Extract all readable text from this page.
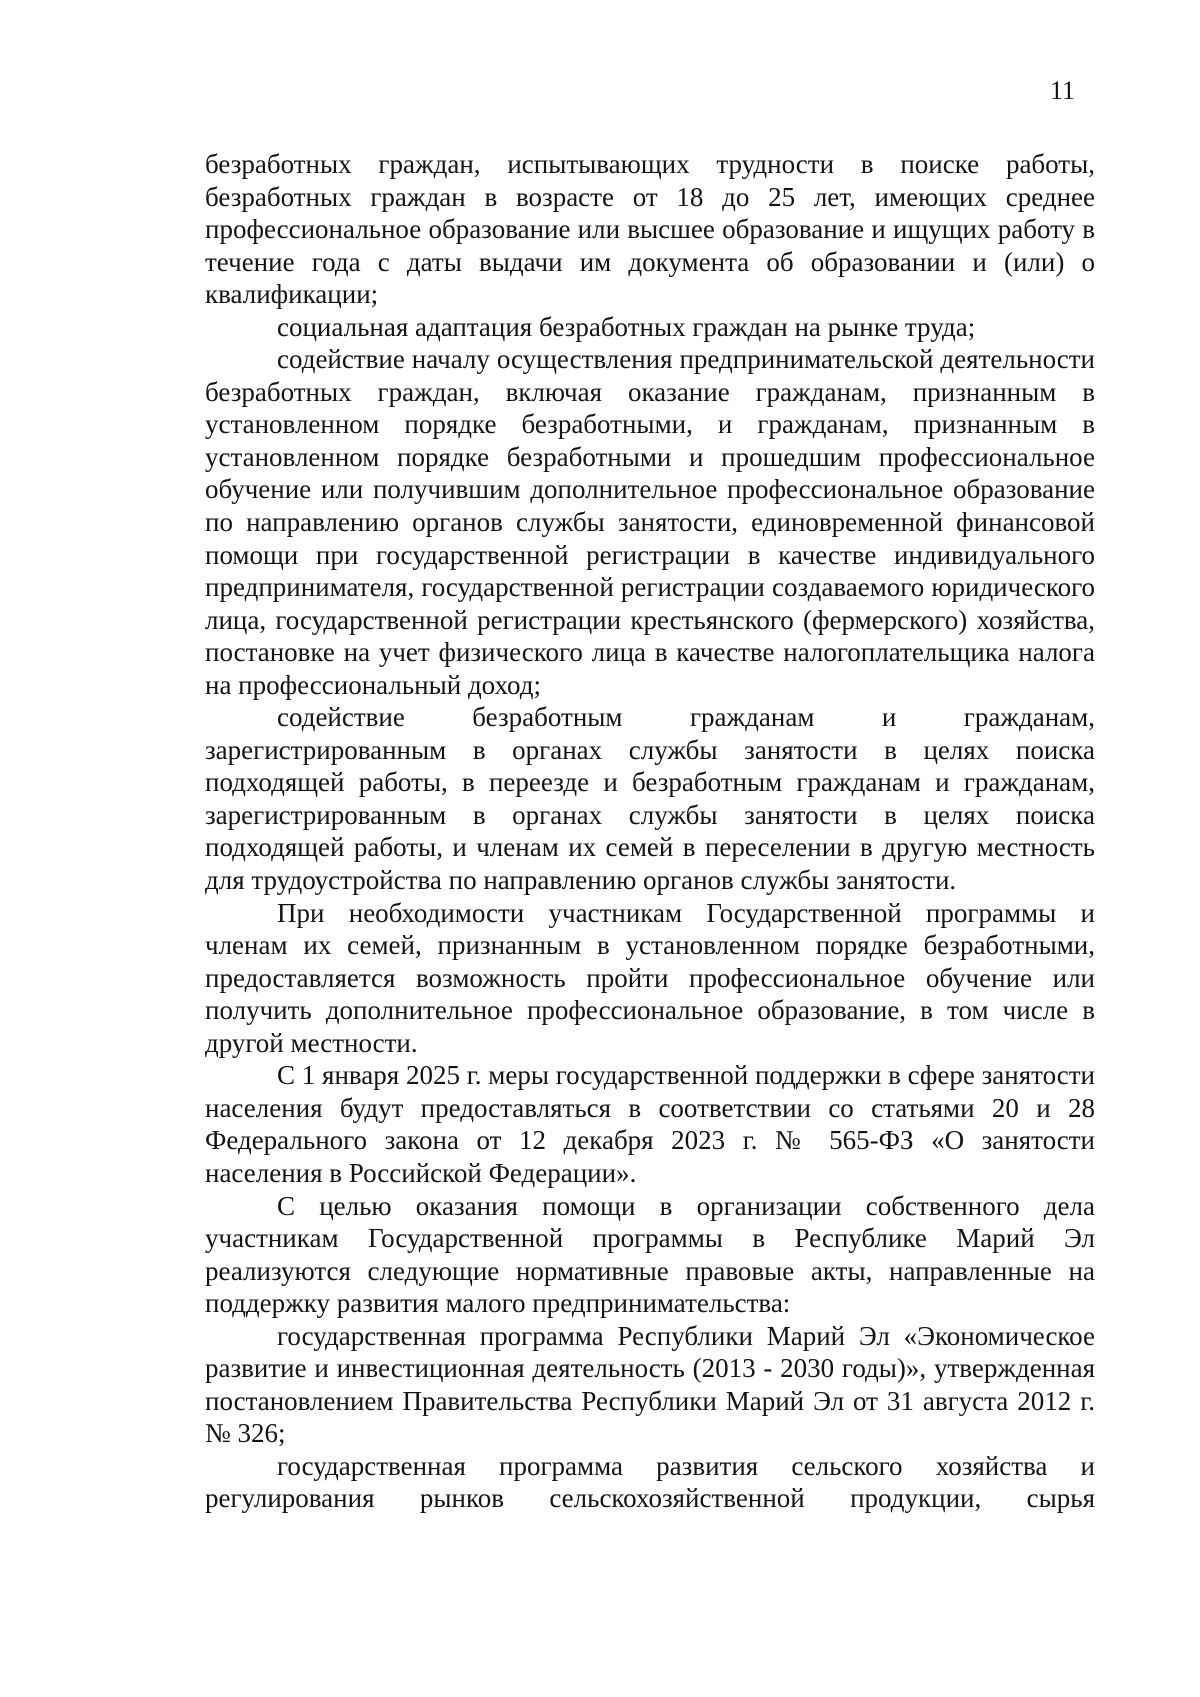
11

безработных граждан, испытывающих трудности в поиске работы, безработных граждан в возрасте от 18 до 25 лет, имеющих среднее профессиональное образование или высшее образование и ищущих работу в течение года с даты выдачи им документа об образовании и (или) о квалификации;

социальная адаптация безработных граждан на рынке труда;

содействие началу осуществления предпринимательской деятельности безработных граждан, включая оказание гражданам, признанным в установленном порядке безработными, и гражданам, признанным в установленном порядке безработными и прошедшим профессиональное обучение или получившим дополнительное профессиональное образование по направлению органов службы занятости, единовременной финансовой помощи при государственной регистрации в качестве индивидуального предпринимателя, государственной регистрации создаваемого юридического лица, государственной регистрации крестьянского (фермерского) хозяйства, постановке на учет физического лица в качестве налогоплательщика налога на профессиональный доход;

содействие безработным гражданам и гражданам, зарегистрированным в органах службы занятости в целях поиска подходящей работы, в переезде и безработным гражданам и гражданам, зарегистрированным в органах службы занятости в целях поиска подходящей работы, и членам их семей в переселении в другую местность для трудоустройства по направлению органов службы занятости.

При необходимости участникам Государственной программы и членам их семей, признанным в установленном порядке безработными, предоставляется возможность пройти профессиональное обучение или получить дополнительное профессиональное образование, в том числе в другой местности.

С 1 января 2025 г. меры государственной поддержки в сфере занятости населения будут предоставляться в соответствии со статьями 20 и 28 Федерального закона от 12 декабря 2023 г. № 565-ФЗ «О занятости населения в Российской Федерации».

С целью оказания помощи в организации собственного дела участникам Государственной программы в Республике Марий Эл реализуются следующие нормативные правовые акты, направленные на поддержку развития малого предпринимательства:

государственная программа Республики Марий Эл «Экономическое развитие и инвестиционная деятельность (2013 - 2030 годы)», утвержденная постановлением Правительства Республики Марий Эл от 31 августа 2012 г. № 326;

государственная программа развития сельского хозяйства и регулирования рынков сельскохозяйственной продукции, сырья
